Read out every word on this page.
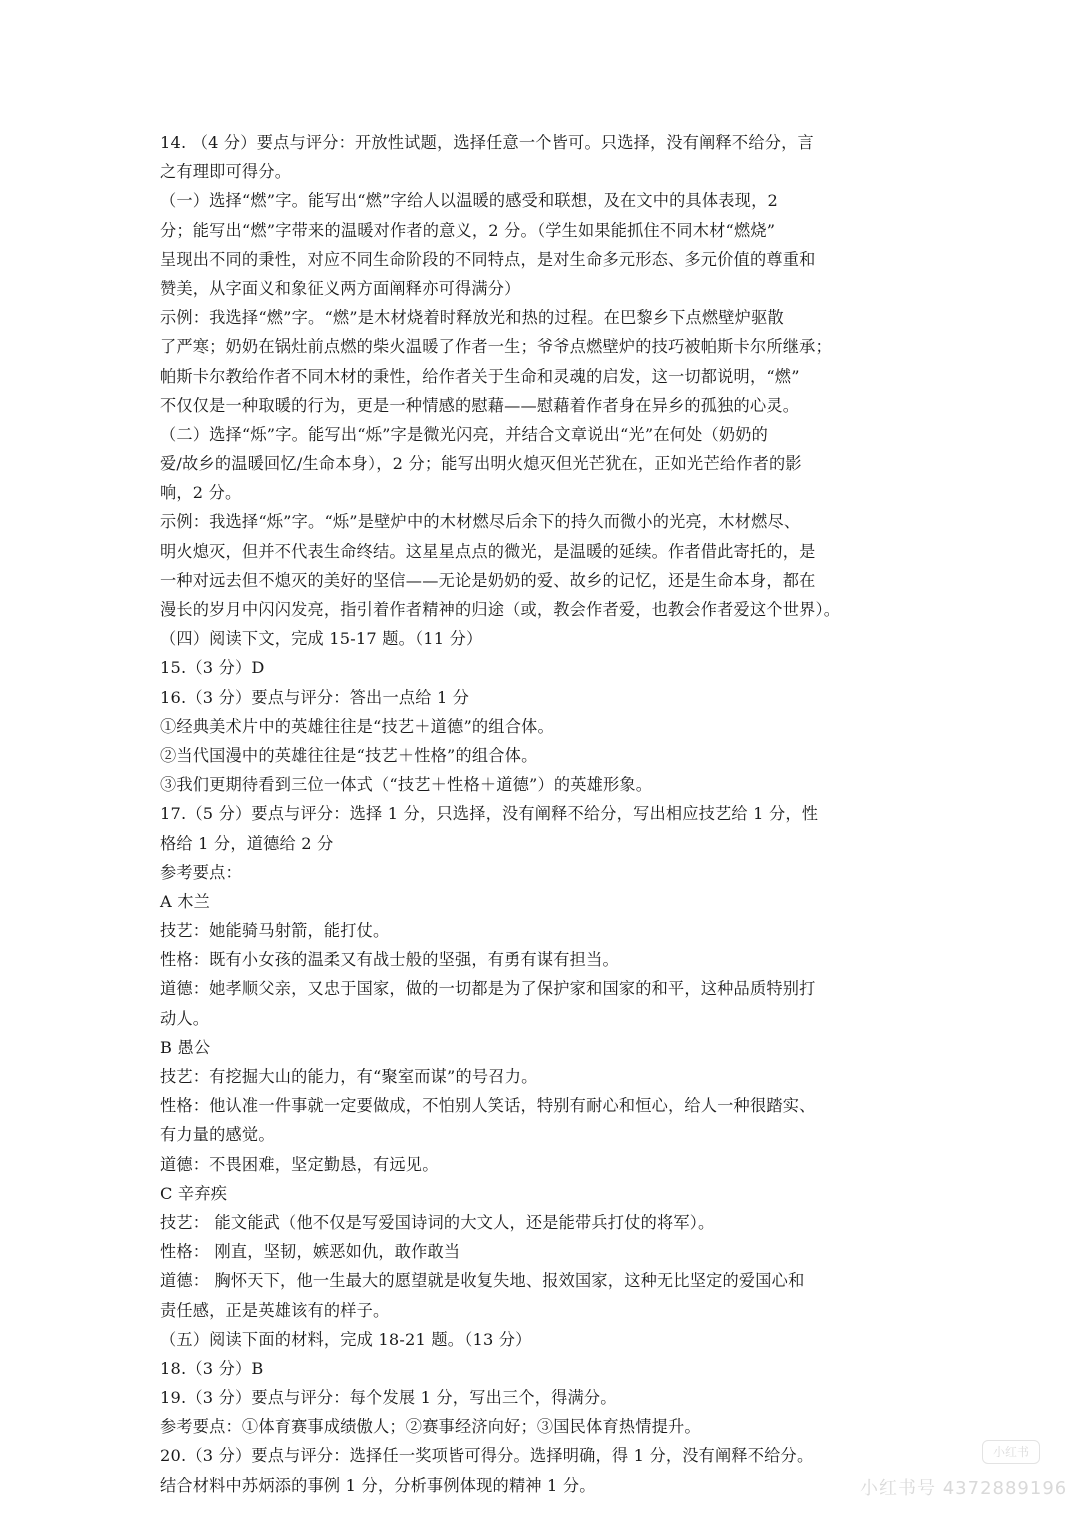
14. （4 分）要点与评分：开放性试题，选择任意一个皆可。只选择，没有阐释不给分，言
之有理即可得分。
（一）选择“燃”字。能写出“燃”字给人以温暖的感受和联想，及在文中的具体表现，2
分；能写出“燃”字带来的温暖对作者的意义，2 分。（学生如果能抓住不同木材“燃烧”
呈现出不同的秉性，对应不同生命阶段的不同特点，是对生命多元形态、多元价值的尊重和
赞美，从字面义和象征义两方面阐释亦可得满分）
示例：我选择“燃”字。“燃”是木材烧着时释放光和热的过程。在巴黎乡下点燃壁炉驱散
了严寒；奶奶在锅灶前点燃的柴火温暖了作者一生；爷爷点燃壁炉的技巧被帕斯卡尔所继承；
帕斯卡尔教给作者不同木材的秉性，给作者关于生命和灵魂的启发，这一切都说明，“燃”
不仅仅是一种取暖的行为，更是一种情感的慰藉——慰藉着作者身在异乡的孤独的心灵。
（二）选择“烁”字。能写出“烁”字是微光闪亮，并结合文章说出“光”在何处（奶奶的
爱/故乡的温暖回忆/生命本身），2 分；能写出明火熄灭但光芒犹在，正如光芒给作者的影
响，2 分。
示例：我选择“烁”字。“烁”是壁炉中的木材燃尽后余下的持久而微小的光亮，木材燃尽、
明火熄灭，但并不代表生命终结。这星星点点的微光，是温暖的延续。作者借此寄托的，是
一种对远去但不熄灭的美好的坚信——无论是奶奶的爱、故乡的记忆，还是生命本身，都在
漫长的岁月中闪闪发亮，指引着作者精神的归途（或，教会作者爱，也教会作者爱这个世界）。
（四）阅读下文，完成 15-17 题。（11 分）
15.（3 分）D
16.（3 分）要点与评分：答出一点给 1 分
①经典美术片中的英雄往往是“技艺＋道德”的组合体。
②当代国漫中的英雄往往是“技艺＋性格”的组合体。
③我们更期待看到三位一体式（“技艺＋性格＋道德”）的英雄形象。
17.（5 分）要点与评分：选择 1 分，只选择，没有阐释不给分，写出相应技艺给 1 分，性
格给 1 分，道德给 2 分
参考要点：
A 木兰
技艺：她能骑马射箭，能打仗。
性格：既有小女孩的温柔又有战士般的坚强，有勇有谋有担当。
道德：她孝顺父亲，又忠于国家，做的一切都是为了保护家和国家的和平，这种品质特别打
动人。
B 愚公
技艺：有挖掘大山的能力，有“聚室而谋”的号召力。
性格：他认准一件事就一定要做成，不怕别人笑话，特别有耐心和恒心，给人一种很踏实、
有力量的感觉。
道德：不畏困难，坚定勤恳，有远见。
C 辛弃疾
技艺： 能文能武（他不仅是写爱国诗词的大文人，还是能带兵打仗的将军）。
性格： 刚直，坚韧，嫉恶如仇，敢作敢当
道德： 胸怀天下，他一生最大的愿望就是收复失地、报效国家，这种无比坚定的爱国心和
责任感，正是英雄该有的样子。
（五）阅读下面的材料，完成 18-21 题。（13 分）
18.（3 分）B
19.（3 分）要点与评分：每个发展 1 分，写出三个，得满分。
参考要点：①体育赛事成绩傲人；②赛事经济向好；③国民体育热情提升。
20.（3 分）要点与评分：选择任一奖项皆可得分。选择明确，得 1 分，没有阐释不给分。
结合材料中苏炳添的事例 1 分，分析事例体现的精神 1 分。
小红书
小红书号 4372889196
